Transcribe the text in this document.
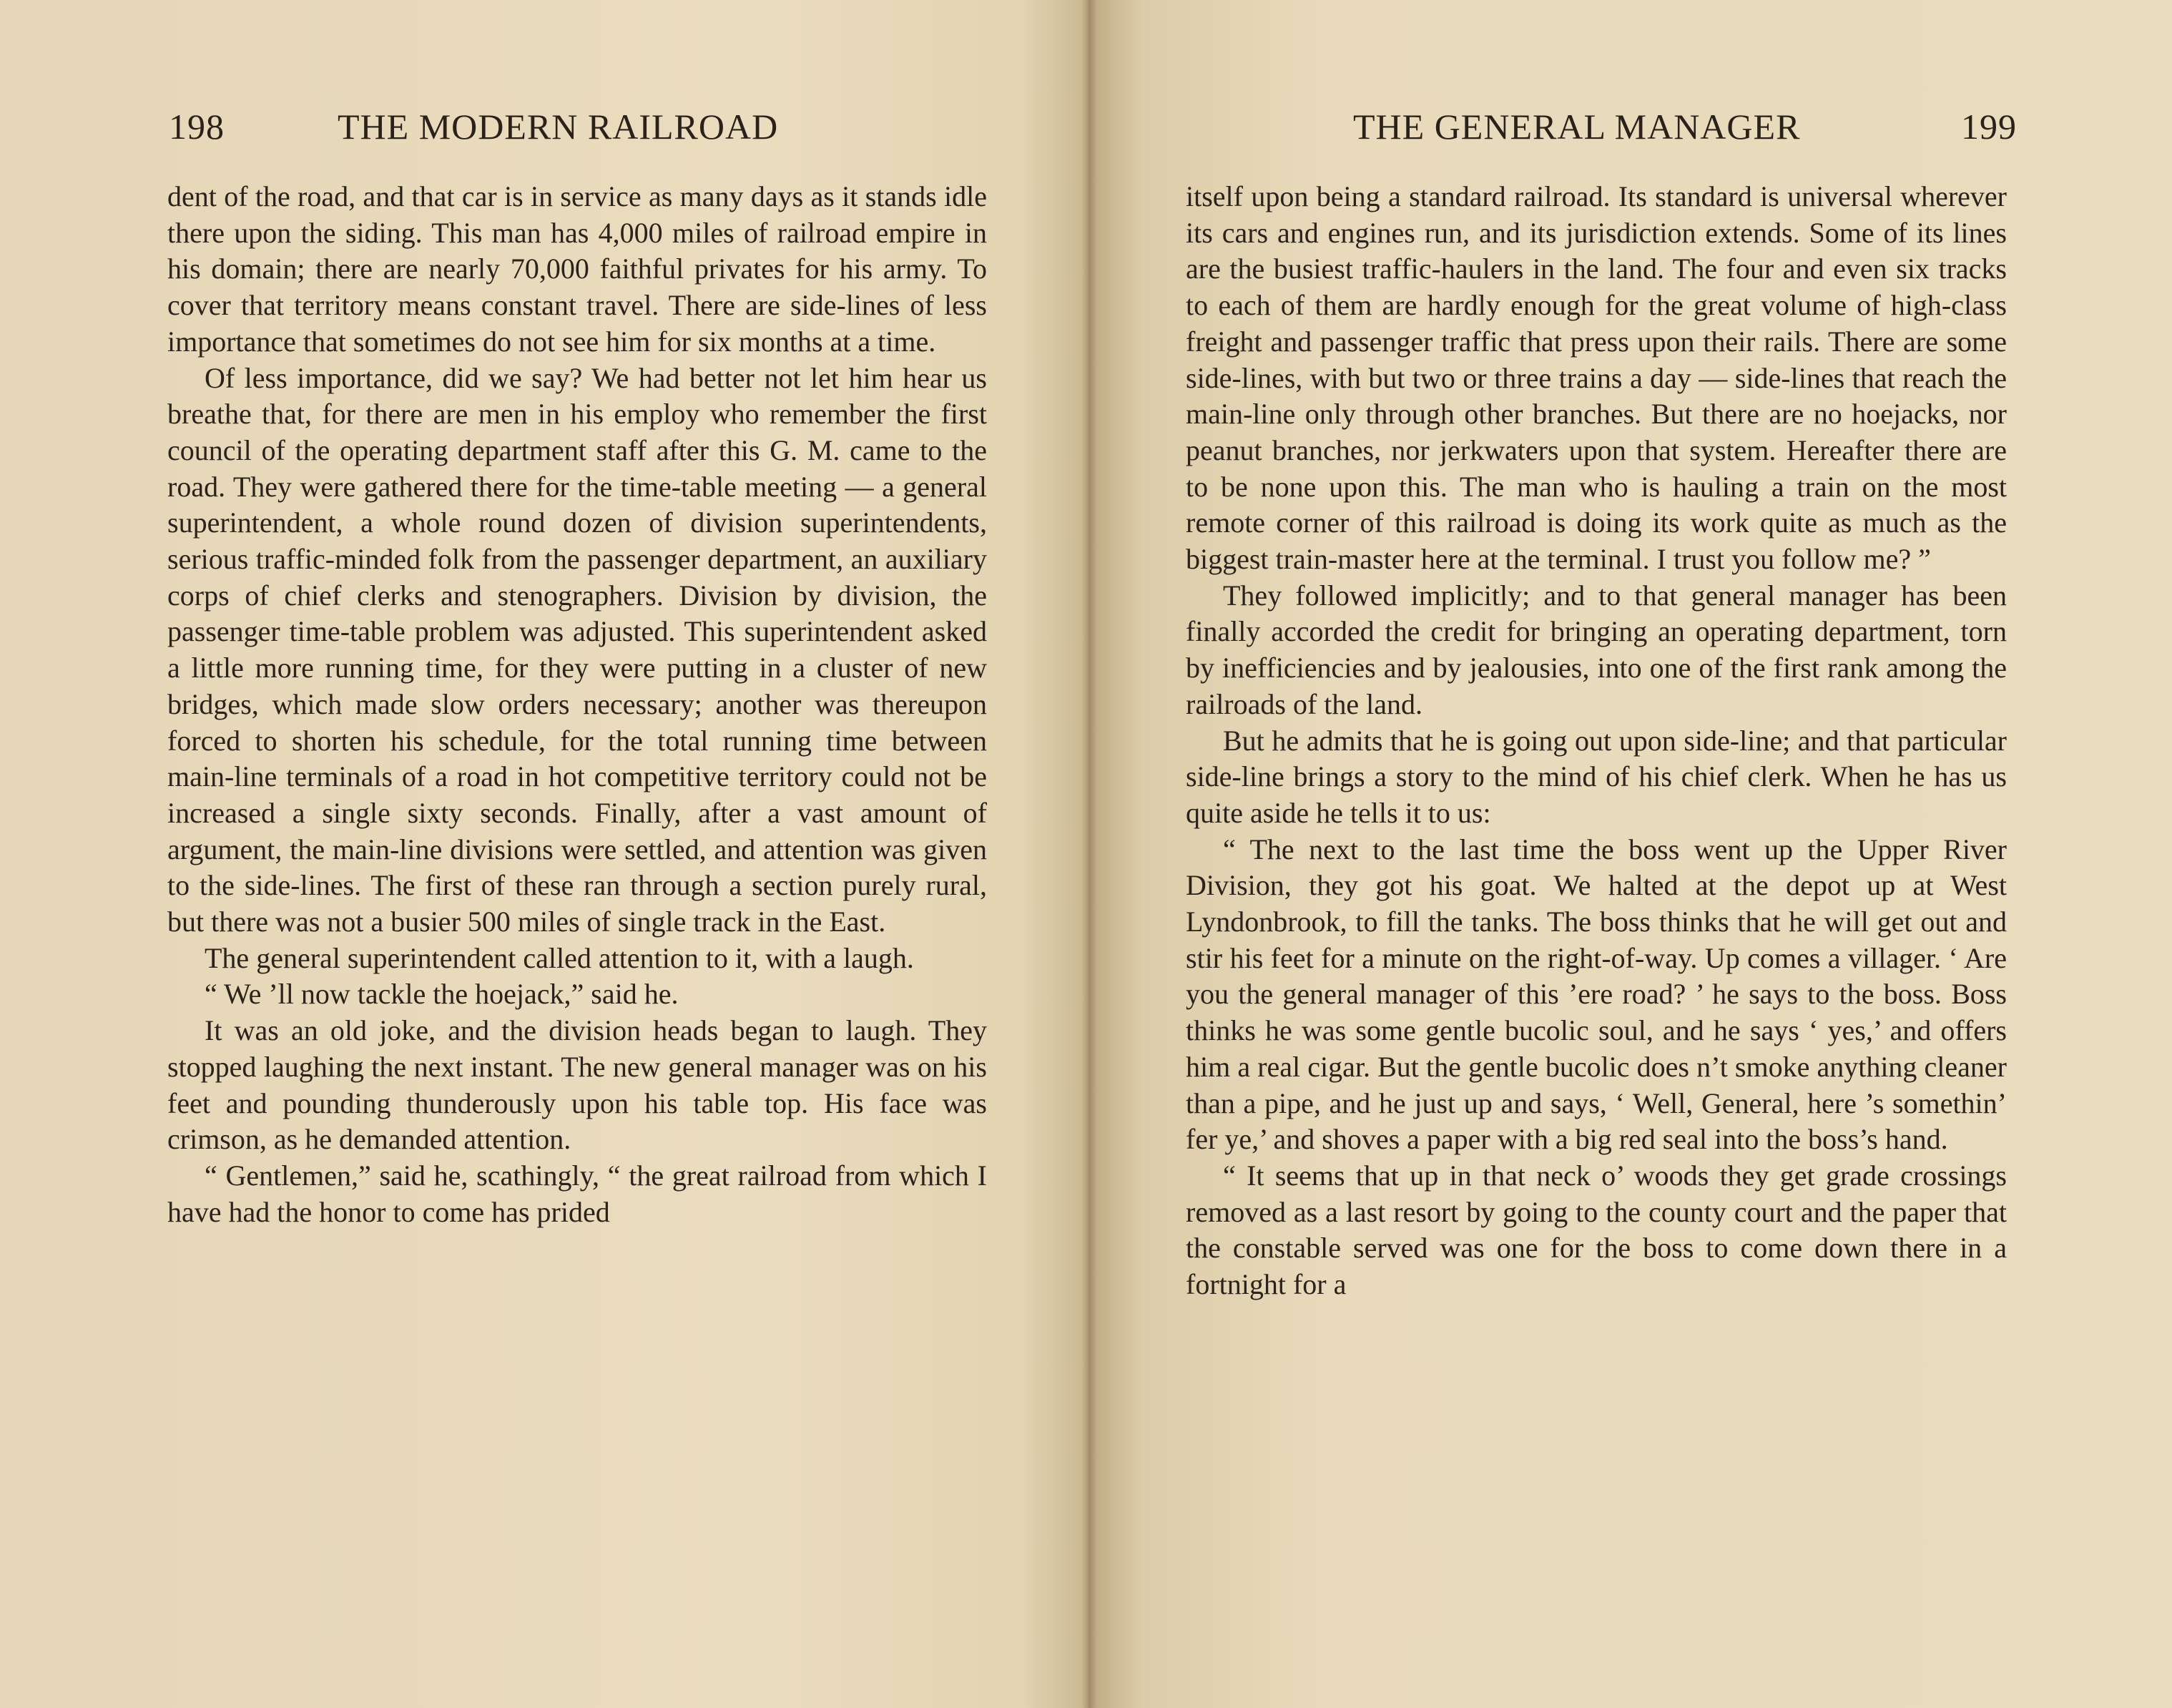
198	THE MODERN RAILROAD

dent of the road, and that car is in service as many days as it stands idle there upon the siding. This man has 4,000 miles of railroad empire in his domain; there are nearly 70,000 faithful privates for his army. To cover that territory means constant travel. There are side-lines of less importance that sometimes do not see him for six months at a time.

Of less importance, did we say? We had better not let him hear us breathe that, for there are men in his employ who remember the first council of the operating department staff after this G. M. came to the road. They were gathered there for the time-table meeting — a general superintendent, a whole round dozen of division superintendents, serious traffic-minded folk from the passenger department, an auxiliary corps of chief clerks and stenographers. Division by division, the passenger time-table problem was adjusted. This superintendent asked a little more running time, for they were putting in a cluster of new bridges, which made slow orders necessary; another was thereupon forced to shorten his schedule, for the total running time between main-line terminals of a road in hot competitive territory could not be increased a single sixty seconds. Finally, after a vast amount of argument, the main-line divisions were settled, and attention was given to the side-lines. The first of these ran through a section purely rural, but there was not a busier 500 miles of single track in the East.

The general superintendent called attention to it, with a laugh.

“ We ’ll now tackle the hoejack,” said he.

It was an old joke, and the division heads began to laugh. They stopped laughing the next instant. The new general manager was on his feet and pounding thunderously upon his table top. His face was crimson, as he demanded attention.

“ Gentlemen,” said he, scathingly, “ the great railroad from which I have had the honor to come has prided

THE GENERAL MANAGER	199

itself upon being a standard railroad. Its standard is universal wherever its cars and engines run, and its jurisdiction extends. Some of its lines are the busiest traffic-haulers in the land. The four and even six tracks to each of them are hardly enough for the great volume of high-class freight and passenger traffic that press upon their rails. There are some side-lines, with but two or three trains a day — side-lines that reach the main-line only through other branches. But there are no hoejacks, nor peanut branches, nor jerkwaters upon that system. Hereafter there are to be none upon this. The man who is hauling a train on the most remote corner of this railroad is doing its work quite as much as the biggest train-master here at the terminal. I trust you follow me? ”

They followed implicitly; and to that general manager has been finally accorded the credit for bringing an operating department, torn by inefficiencies and by jealousies, into one of the first rank among the railroads of the land.

But he admits that he is going out upon side-line; and that particular side-line brings a story to the mind of his chief clerk. When he has us quite aside he tells it to us:

“ The next to the last time the boss went up the Upper River Division, they got his goat. We halted at the depot up at West Lyndonbrook, to fill the tanks. The boss thinks that he will get out and stir his feet for a minute on the right-of-way. Up comes a villager. ‘ Are you the general manager of this ’ere road? ’ he says to the boss. Boss thinks he was some gentle bucolic soul, and he says ‘ yes,’ and offers him a real cigar. But the gentle bucolic does n’t smoke anything cleaner than a pipe, and he just up and says, ‘ Well, General, here ’s somethin’ fer ye,’ and shoves a paper with a big red seal into the boss’s hand.

“ It seems that up in that neck o’ woods they get grade crossings removed as a last resort by going to the county court and the paper that the constable served was one for the boss to come down there in a fortnight for a
